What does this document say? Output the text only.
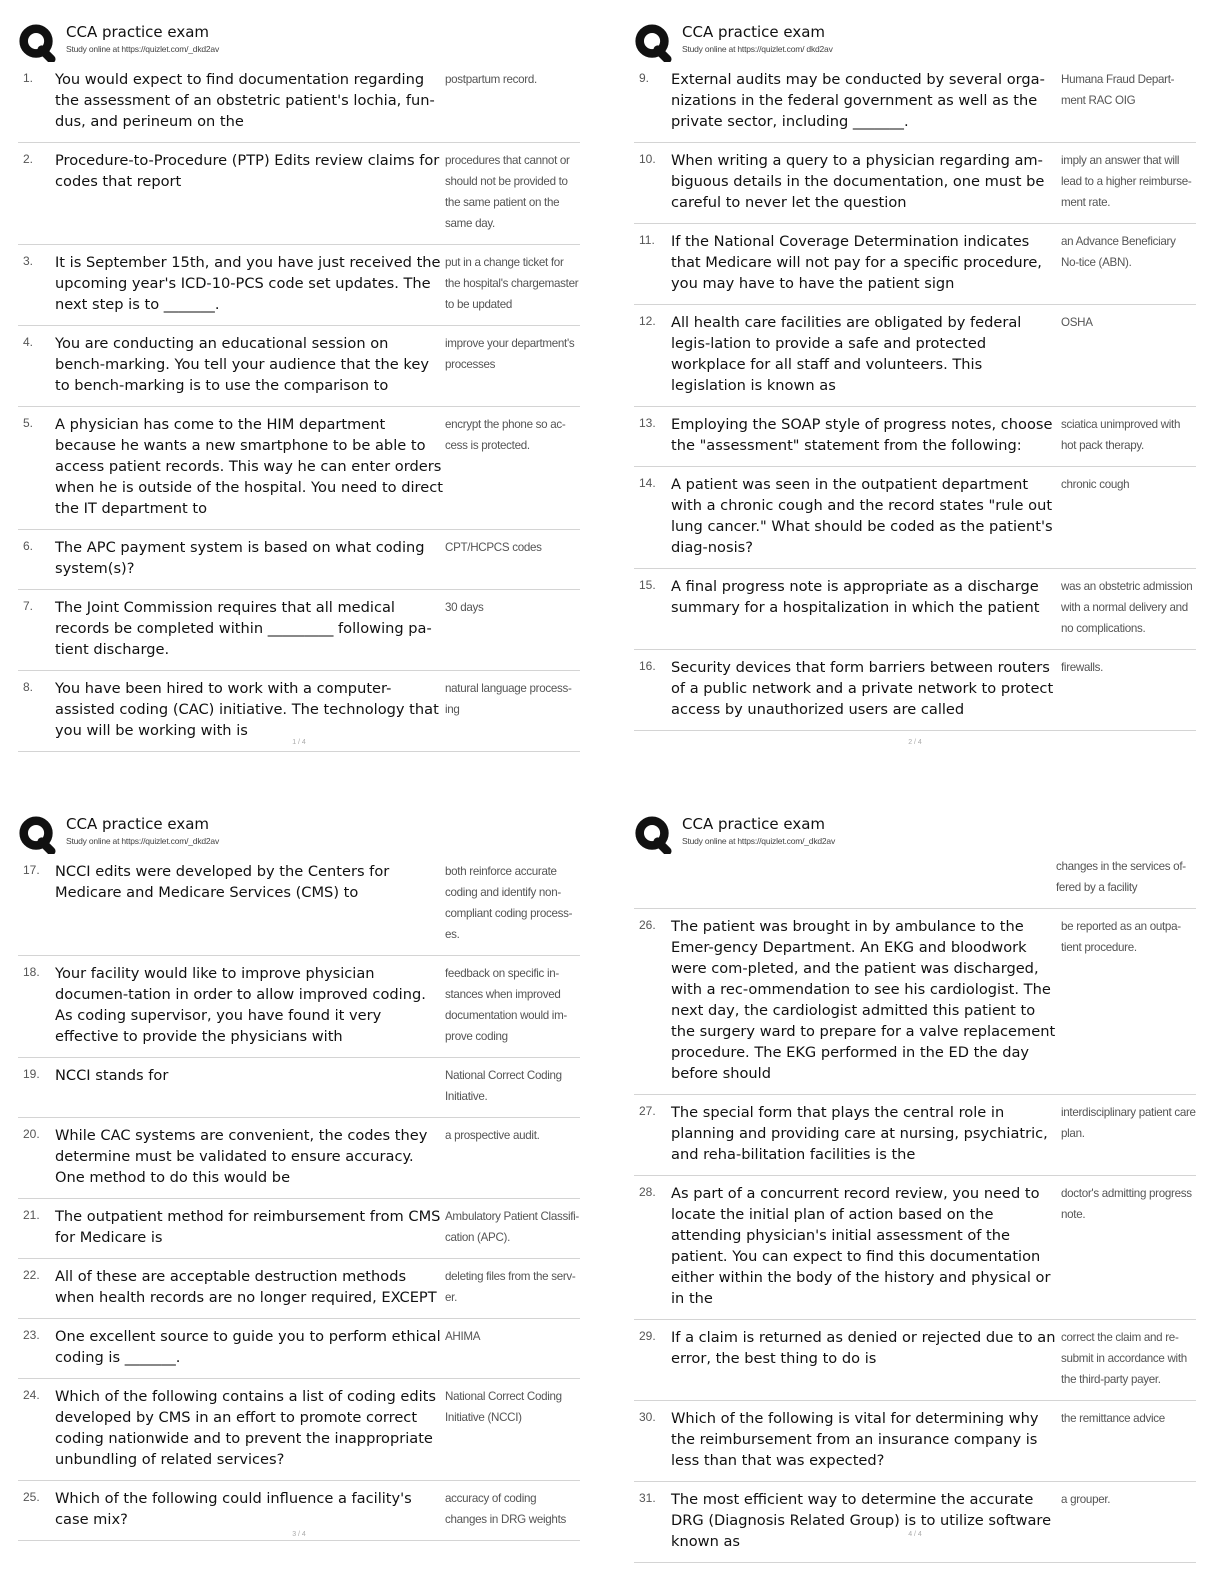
CCA practice exam
Study online at https://quizlet.com/_dkd2av
1.	You would expect to find documentation regarding the assessment of an obstetric patient's lochia, fun-dus, and perineum on the
postpartum record.
2.	Procedure-to-Procedure (PTP) Edits review claims for codes that report
procedures that cannot or should not be provided to the same patient on the same day.
3.	It is September 15th, and you have just received the upcoming year's ICD-10-PCS code set updates. The next step is to _______.
put in a change ticket for the hospital's chargemaster to be updated
4.	You are conducting an educational session on bench-marking. You tell your audience that the key to bench-marking is to use the comparison to
improve your department's processes
5.	A physician has come to the HIM department because he wants a new smartphone to be able to access patient records. This way he can enter orders when he is outside of the hospital. You need to direct the IT department to
encrypt the phone so ac-cess is protected.
6.	The APC payment system is based on what coding system(s)?
CPT/HCPCS codes
7.	The Joint Commission requires that all medical records be completed within _________ following pa-tient discharge.
30 days
8.	You have been hired to work with a computer-assisted coding (CAC) initiative. The technology that you will be working with is
natural language process-ing
1 / 4
CCA practice exam
Study online at https://quizlet.com/ dkd2av
9.	External audits may be conducted by several orga-nizations in the federal government as well as the private sector, including _______.
Humana Fraud Depart-ment RAC OIG
10.	When writing a query to a physician regarding am-biguous details in the documentation, one must be careful to never let the question
imply an answer that will lead to a higher reimburse-ment rate.
11.	If the National Coverage Determination indicates that Medicare will not pay for a specific procedure, you may have to have the patient sign
an Advance Beneficiary No-tice (ABN).
12.	All health care facilities are obligated by federal legis-lation to provide a safe and protected workplace for all staff and volunteers. This legislation is known as
OSHA
13.	Employing the SOAP style of progress notes, choose the "assessment" statement from the following:
sciatica unimproved with hot pack therapy.
14.	A patient was seen in the outpatient department with a chronic cough and the record states "rule out lung cancer." What should be coded as the patient's diag-nosis?
chronic cough
15.	A final progress note is appropriate as a discharge summary for a hospitalization in which the patient
was an obstetric admission with a normal delivery and no complications.
16.	Security devices that form barriers between routers of a public network and a private network to protect access by unauthorized users are called
firewalls.
2 / 4
CCA practice exam
Study online at https://quizlet.com/_dkd2av
17.	NCCI edits were developed by the Centers for Medicare and Medicare Services (CMS) to
both reinforce accurate coding and identify non-compliant coding process-es.
18.	Your facility would like to improve physician documen-tation in order to allow improved coding. As coding supervisor, you have found it very effective to provide the physicians with
feedback on specific in-stances when improved documentation would im-prove coding
19.	NCCI stands for	National Correct Coding Initiative.
20.	While CAC systems are convenient, the codes they determine must be validated to ensure accuracy. One method to do this would be
a prospective audit.
21.	The outpatient method for reimbursement from CMS for Medicare is
Ambulatory Patient Classifi-cation (APC).
22.	All of these are acceptable destruction methods when health records are no longer required, EXCEPT
deleting files from the serv-er.
23.	One excellent source to guide you to perform ethical coding is _______.
AHIMA
24.	Which of the following contains a list of coding edits developed by CMS in an effort to promote correct coding nationwide and to prevent the inappropriate unbundling of related services?
National Correct Coding Initiative (NCCI)
25.	Which of the following could influence a facility's case mix?
accuracy of coding changes in DRG weights
3 / 4
CCA practice exam
Study online at https://quizlet.com/_dkd2av
changes in the services of-fered by a facility
26.	The patient was brought in by ambulance to the Emer-gency Department. An EKG and bloodwork were com-pleted, and the patient was discharged, with a rec-ommendation to see his cardiologist. The next day, the cardiologist admitted this patient to the surgery ward to prepare for a valve replacement procedure. The EKG performed in the ED the day before should
be reported as an outpa-tient procedure.
27.	The special form that plays the central role in planning and providing care at nursing, psychiatric, and reha-bilitation facilities is the
interdisciplinary patient care plan.
28.	As part of a concurrent record review, you need to locate the initial plan of action based on the attending physician's initial assessment of the patient. You can expect to find this documentation either within the body of the history and physical or in the
doctor's admitting progress note.
29.	If a claim is returned as denied or rejected due to an error, the best thing to do is
correct the claim and re-submit in accordance with the third-party payer.
30.	Which of the following is vital for determining why the reimbursement from an insurance company is less than that was expected?
the remittance advice
31.	The most efficient way to determine the accurate DRG (Diagnosis Related Group) is to utilize software known as
a grouper.
4 / 4
